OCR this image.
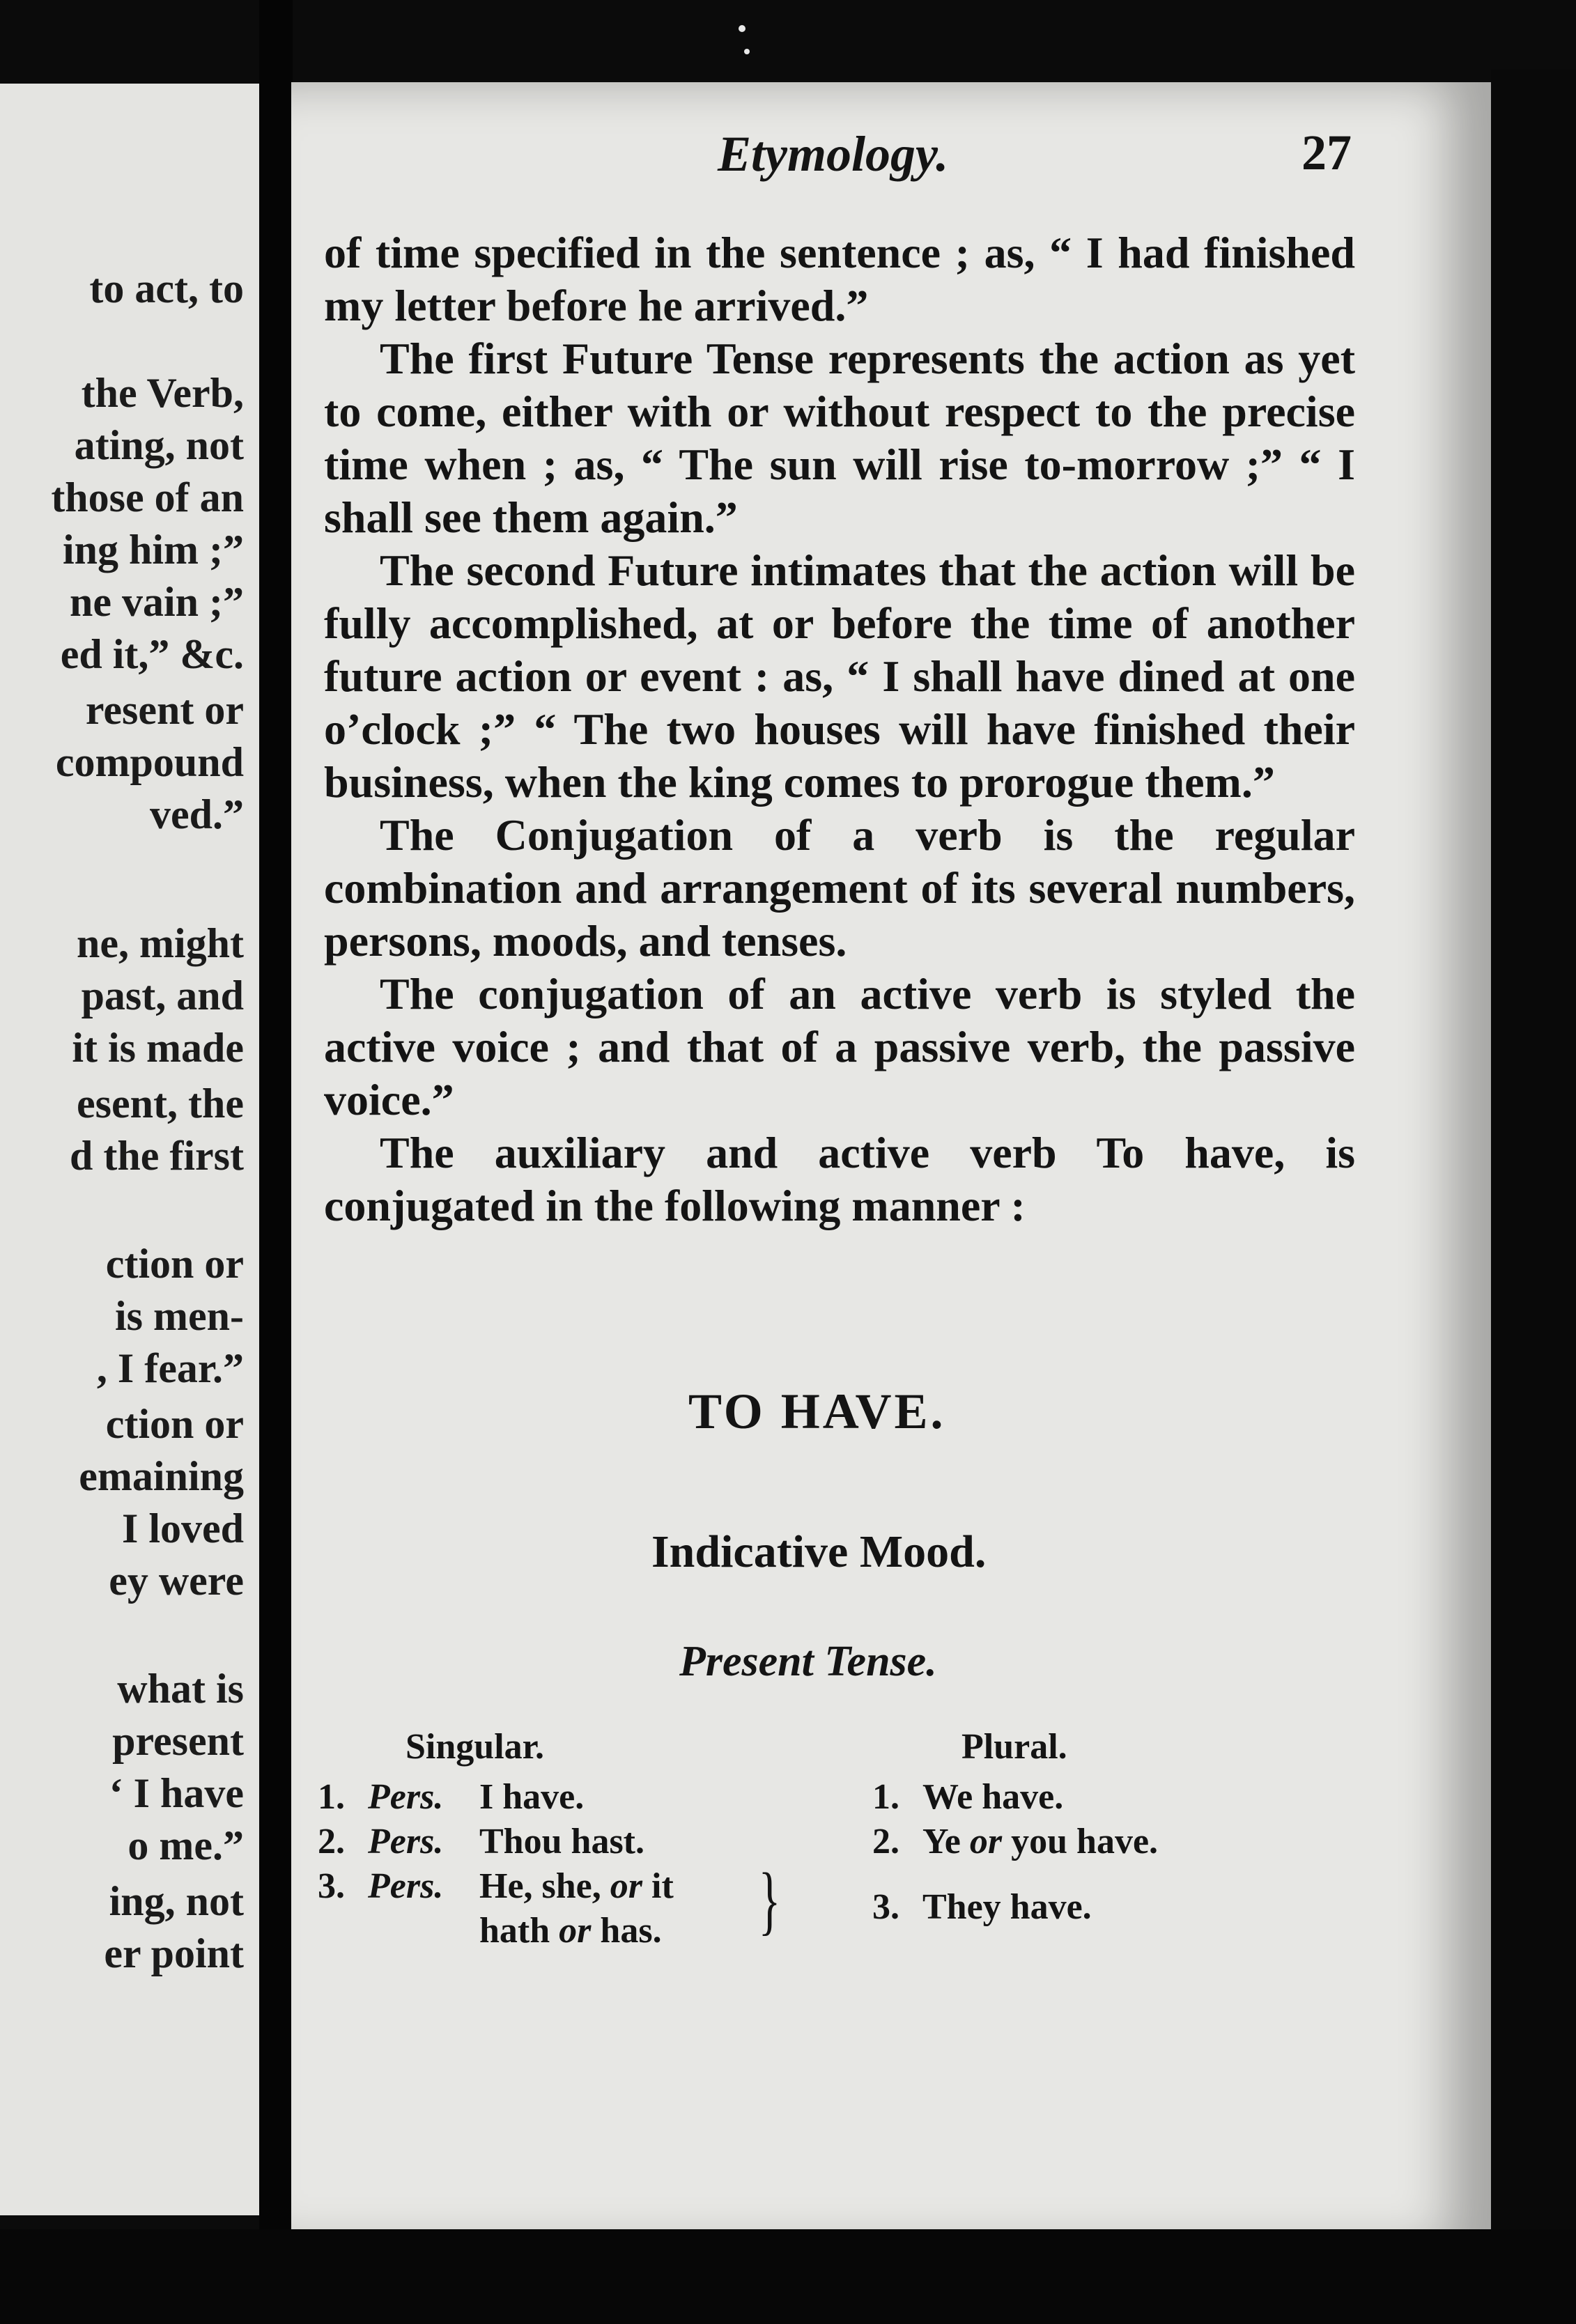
to act, to

the Verb,

ating, not

those of an

ing him ;”

ne vain ;”

ed it,” &c.

resent or

compound

ved.”

ne, might

past, and

it is made

esent, the

d the first

ction or

is men-

, I fear.”

ction or

emaining

I loved

ey were

what is

present

‘ I have

o me.”

ing, not

er point

Etymology.	27

of time specified in the sentence ; as, “ I had finished my letter before he arrived.”

The first Future Tense represents the action as yet to come, either with or without respect to the precise time when ; as, “ The sun will rise to-morrow ;” “ I shall see them again.”

The second Future intimates that the action will be fully accomplished, at or before the time of another future action or event : as, “ I shall have dined at one o’clock ;” “ The two houses will have finished their business, when the king comes to prorogue them.”

The Conjugation of a verb is the regular combination and arrangement of its several numbers, persons, moods, and tenses.

The conjugation of an active verb is styled the active voice ; and that of a passive verb, the passive voice.”

The auxiliary and active verb To have, is conjugated in the following manner :

TO HAVE.
Indicative Mood.
Present Tense.
Singular.	Plural.
1. Pers. I have.
2. Pers. Thou hast.
3. Pers. He, she, or it
hath or has. }
1. We have.
2. Ye or you have.
3. They have.
